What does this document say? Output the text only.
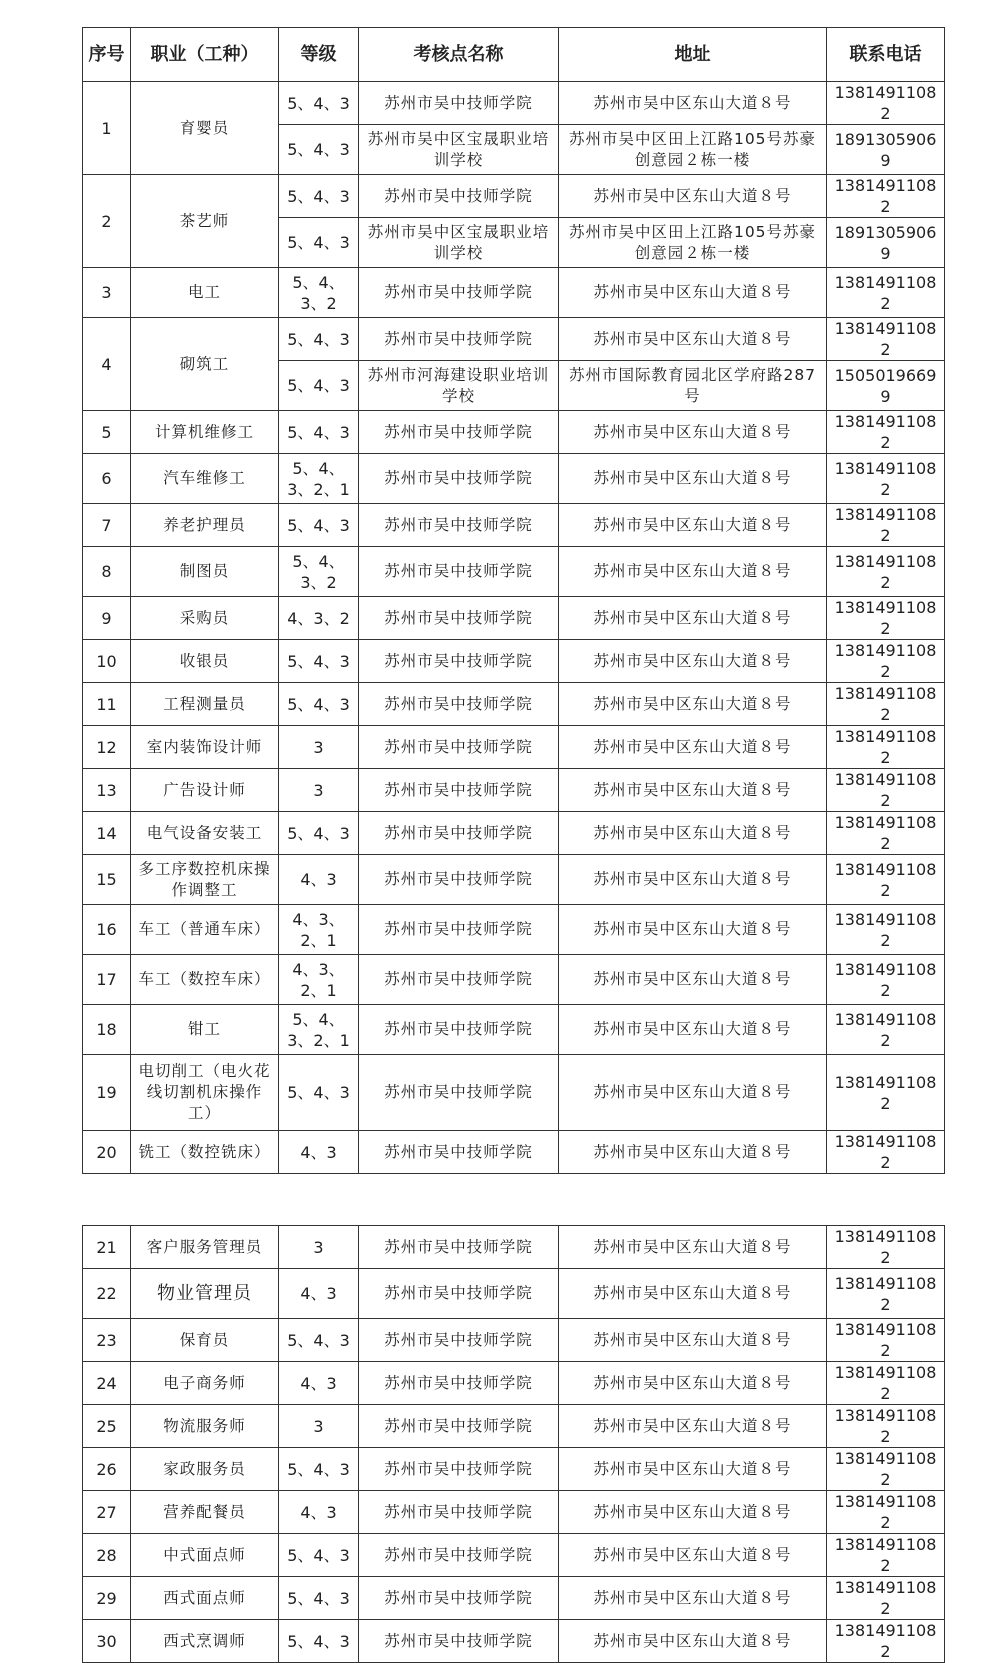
序号	职业（工种）	等级	考核点名称	地址	联系电话
1	育婴员	5、4、3	苏州市吴中技师学院	苏州市吴中区东山大道８号	13814911082
		5、4、3	苏州市吴中区宝晟职业培训学校	苏州市吴中区田上江路105号苏豪创意园２栋一楼	18913059069
2	茶艺师	5、4、3	苏州市吴中技师学院	苏州市吴中区东山大道８号	13814911082
		5、4、3	苏州市吴中区宝晟职业培训学校	苏州市吴中区田上江路105号苏豪创意园２栋一楼	18913059069
3	电工	5、4、3、2	苏州市吴中技师学院	苏州市吴中区东山大道８号	13814911082
4	砌筑工	5、4、3	苏州市吴中技师学院	苏州市吴中区东山大道８号	13814911082
		5、4、3	苏州市河海建设职业培训学校	苏州市国际教育园北区学府路287号	15050196699
5	计算机维修工	5、4、3	苏州市吴中技师学院	苏州市吴中区东山大道８号	13814911082
6	汽车维修工	5、4、3、2、1	苏州市吴中技师学院	苏州市吴中区东山大道８号	13814911082
7	养老护理员	5、4、3	苏州市吴中技师学院	苏州市吴中区东山大道８号	13814911082
8	制图员	5、4、3、2	苏州市吴中技师学院	苏州市吴中区东山大道８号	13814911082
9	采购员	4、3、2	苏州市吴中技师学院	苏州市吴中区东山大道８号	13814911082
10	收银员	5、4、3	苏州市吴中技师学院	苏州市吴中区东山大道８号	13814911082
11	工程测量员	5、4、3	苏州市吴中技师学院	苏州市吴中区东山大道８号	13814911082
12	室内装饰设计师	3	苏州市吴中技师学院	苏州市吴中区东山大道８号	13814911082
13	广告设计师	3	苏州市吴中技师学院	苏州市吴中区东山大道８号	13814911082
14	电气设备安装工	5、4、3	苏州市吴中技师学院	苏州市吴中区东山大道８号	13814911082
15	多工序数控机床操作调整工	4、3	苏州市吴中技师学院	苏州市吴中区东山大道８号	13814911082
16	车工（普通车床）	4、3、2、1	苏州市吴中技师学院	苏州市吴中区东山大道８号	13814911082
17	车工（数控车床）	4、3、2、1	苏州市吴中技师学院	苏州市吴中区东山大道８号	13814911082
18	钳工	5、4、3、2、1	苏州市吴中技师学院	苏州市吴中区东山大道８号	13814911082
19	电切削工（电火花线切割机床操作工）	5、4、3	苏州市吴中技师学院	苏州市吴中区东山大道８号	13814911082
20	铣工（数控铣床）	4、3	苏州市吴中技师学院	苏州市吴中区东山大道８号	13814911082
21	客户服务管理员	3	苏州市吴中技师学院	苏州市吴中区东山大道８号	13814911082
22	物业管理员	4、3	苏州市吴中技师学院	苏州市吴中区东山大道８号	13814911082
23	保育员	5、4、3	苏州市吴中技师学院	苏州市吴中区东山大道８号	13814911082
24	电子商务师	4、3	苏州市吴中技师学院	苏州市吴中区东山大道８号	13814911082
25	物流服务师	3	苏州市吴中技师学院	苏州市吴中区东山大道８号	13814911082
26	家政服务员	5、4、3	苏州市吴中技师学院	苏州市吴中区东山大道８号	13814911082
27	营养配餐员	4、3	苏州市吴中技师学院	苏州市吴中区东山大道８号	13814911082
28	中式面点师	5、4、3	苏州市吴中技师学院	苏州市吴中区东山大道８号	13814911082
29	西式面点师	5、4、3	苏州市吴中技师学院	苏州市吴中区东山大道８号	13814911082
30	西式烹调师	5、4、3	苏州市吴中技师学院	苏州市吴中区东山大道８号	13814911082
